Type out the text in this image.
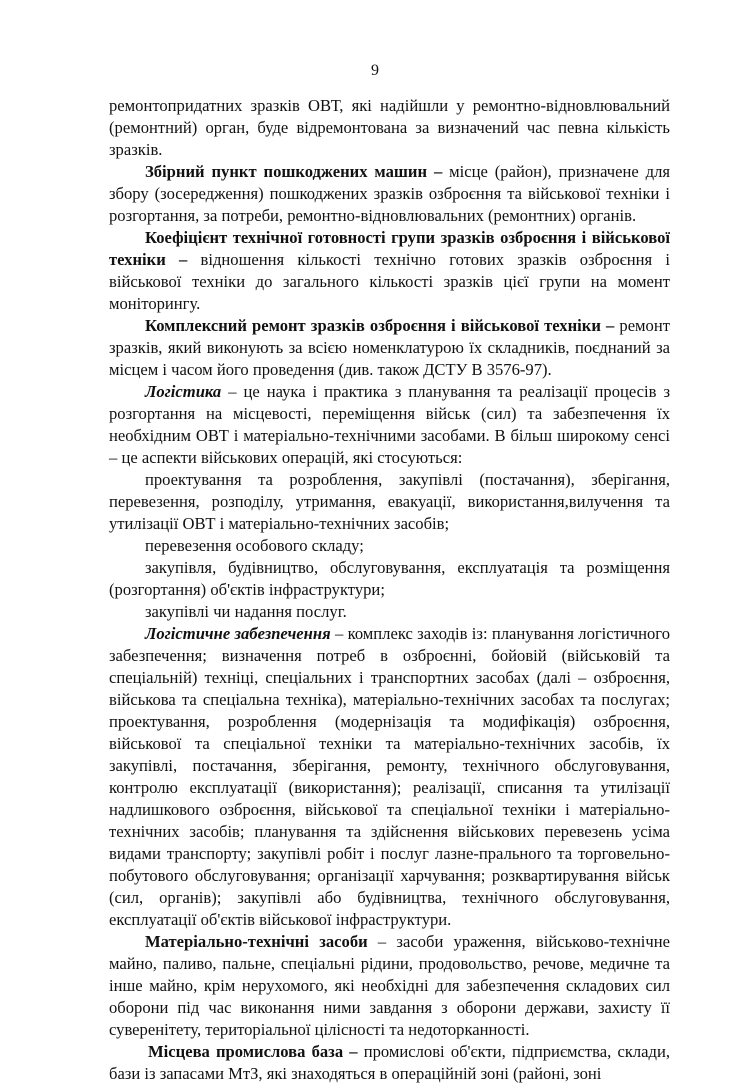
9

ремонтопридатних зразків ОВТ, які надійшли у ремонтно-відновлювальний (ремонтний) орган, буде відремонтована за визначений час певна кількість зразків.

Збірний пункт пошкоджених машин – місце (район), призначене для збору (зосередження) пошкоджених зразків озброєння та військової техніки і розгортання, за потреби, ремонтно-відновлювальних (ремонтних) органів.

Коефіцієнт технічної готовності групи зразків озброєння і військової техніки – відношення кількості технічно готових зразків озброєння і військової техніки до загального кількості зразків цієї групи на момент моніторингу.

Комплексний ремонт зразків озброєння і військової техніки – ремонт зразків, який виконують за всією номенклатурою їх складників, поєднаний за місцем і часом його проведення (див. також ДСТУ В 3576-97).

Логістика – це наука і практика з планування та реалізації процесів з розгортання на місцевості, переміщення військ (сил) та забезпечення їх необхідним ОВТ і матеріально-технічними засобами. В більш широкому сенсі – це аспекти військових операцій, які стосуються:

проектування та розроблення, закупівлі (постачання), зберігання, перевезення, розподілу, утримання, евакуації, використання,вилучення та утилізації ОВТ і матеріально-технічних засобів;

перевезення особового складу;

закупівля, будівництво, обслуговування, експлуатація та розміщення (розгортання) об'єктів інфраструктури;

закупівлі чи надання послуг.

Логістичне забезпечення – комплекс заходів із: планування логістичного забезпечення; визначення потреб в озброєнні, бойовій (військовій та спеціальній) техніці, спеціальних і транспортних засобах (далі – озброєння, військова та спеціальна техніка), матеріально-технічних засобах та послугах; проектування, розроблення (модернізація та модифікація) озброєння, військової та спеціальної техніки та матеріально-технічних засобів, їх закупівлі, постачання, зберігання, ремонту, технічного обслуговування, контролю експлуатації (використання); реалізації, списання та утилізації надлишкового озброєння, військової та спеціальної техніки і матеріально-технічних засобів; планування та здійснення військових перевезень усіма видами транспорту; закупівлі робіт і послуг лазне-прального та торговельно-побутового обслуговування; організації харчування; розквартирування військ (сил, органів); закупівлі або будівництва, технічного обслуговування, експлуатації об'єктів військової інфраструктури.

Матеріально-технічні засоби – засоби ураження, військово-технічне майно, паливо, пальне, спеціальні рідини, продовольство, речове, медичне та інше майно, крім нерухомого, які необхідні для забезпечення складових сил оборони під час виконання ними завдання з оборони держави, захисту її суверенітету, територіальної цілісності та недоторканності.

Місцева промислова база – промислові об'єкти, підприємства, склади, бази із запасами МтЗ, які знаходяться в операційній зоні (районі, зоні
